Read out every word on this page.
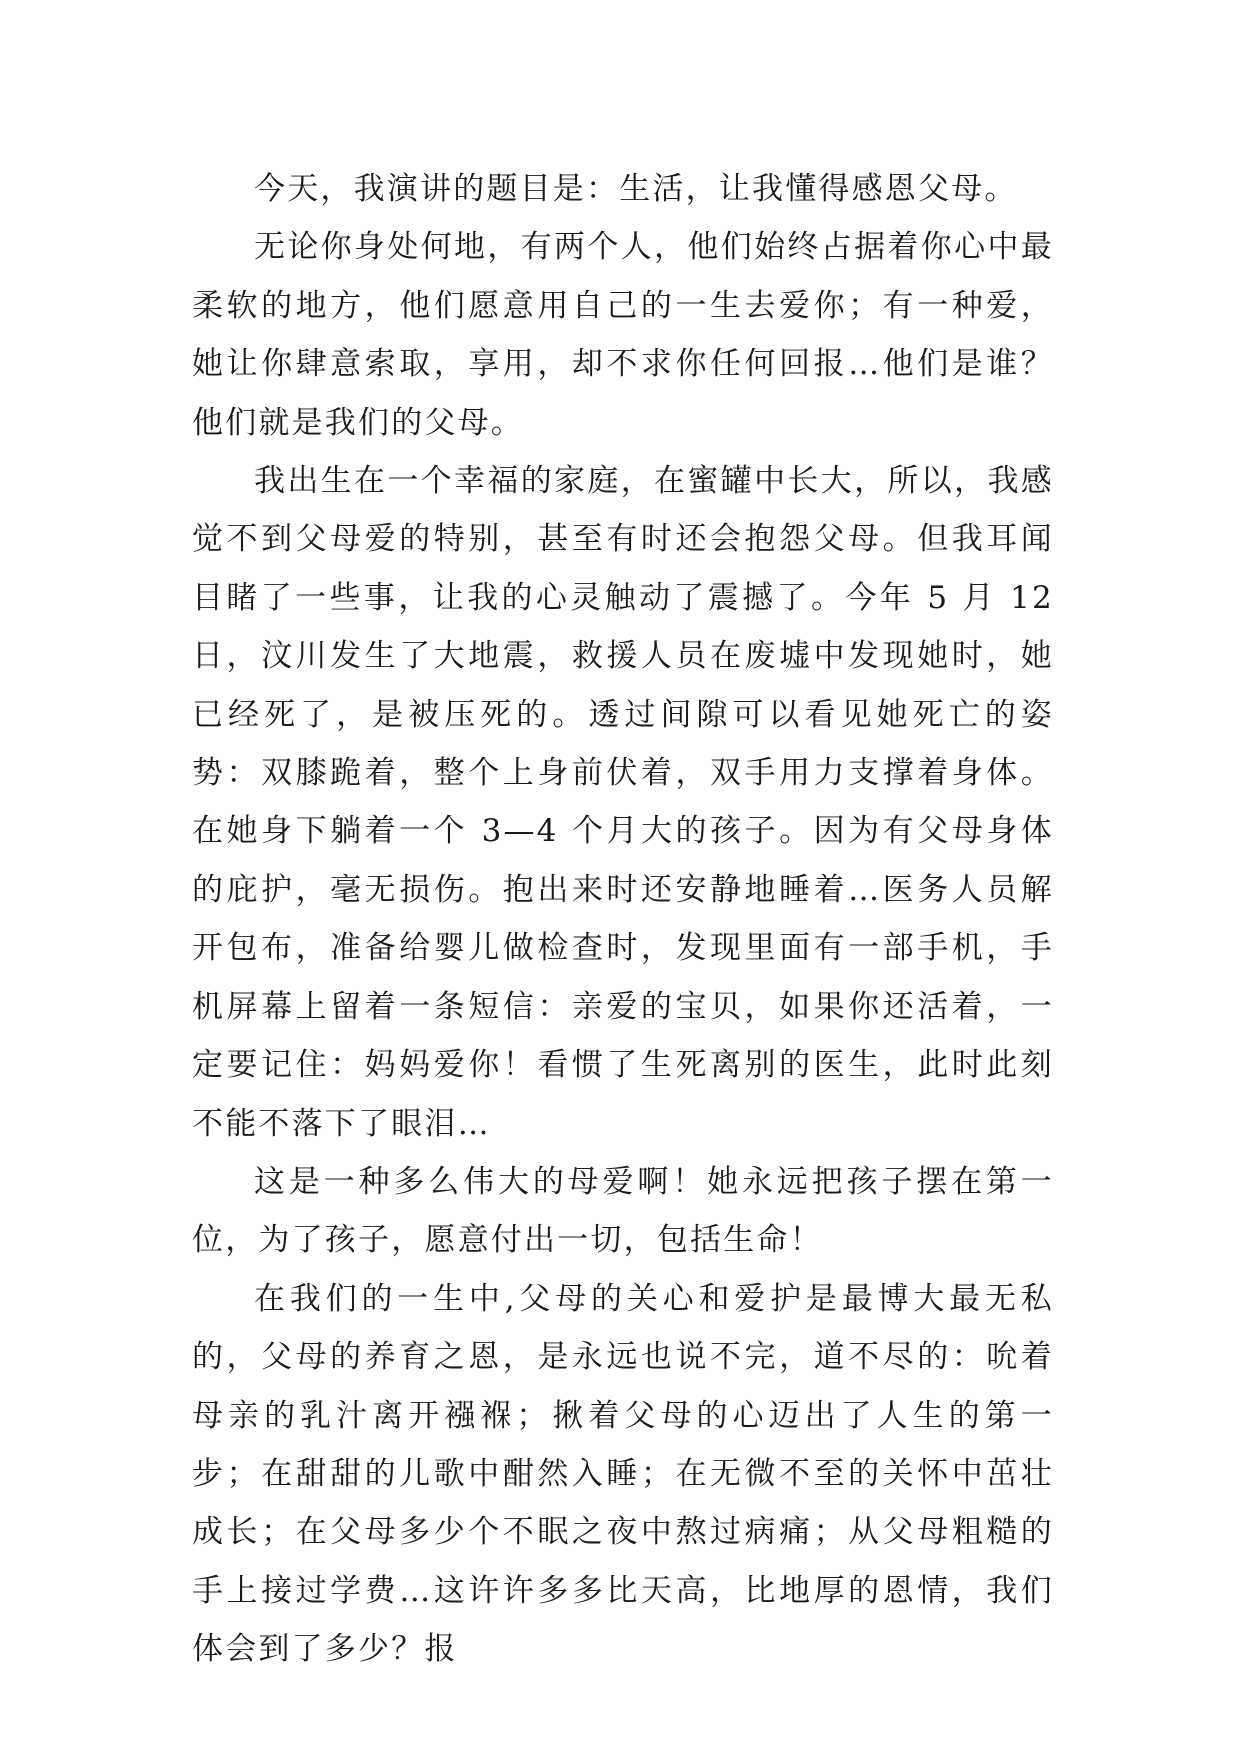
今天，我演讲的题目是：生活，让我懂得感恩父母。

无论你身处何地，有两个人，他们始终占据着你心中最柔软的地方，他们愿意用自己的一生去爱你；有一种爱，她让你肆意索取，享用，却不求你任何回报…他们是谁？他们就是我们的父母。

我出生在一个幸福的家庭，在蜜罐中长大，所以，我感觉不到父母爱的特别，甚至有时还会抱怨父母。但我耳闻目睹了一些事，让我的心灵触动了震撼了。今年 5 月 12 日，汶川发生了大地震，救援人员在废墟中发现她时，她已经死了，是被压死的。透过间隙可以看见她死亡的姿势：双膝跪着，整个上身前伏着，双手用力支撑着身体。在她身下躺着一个 3—4 个月大的孩子。因为有父母身体的庇护，毫无损伤。抱出来时还安静地睡着…医务人员解开包布，准备给婴儿做检查时，发现里面有一部手机，手机屏幕上留着一条短信：亲爱的宝贝，如果你还活着，一定要记住：妈妈爱你！看惯了生死离别的医生，此时此刻不能不落下了眼泪…

这是一种多么伟大的母爱啊！她永远把孩子摆在第一位，为了孩子，愿意付出一切，包括生命！

在我们的一生中,父母的关心和爱护是最博大最无私的，父母的养育之恩，是永远也说不完，道不尽的：吮着母亲的乳汁离开襁褓；揪着父母的心迈出了人生的第一步；在甜甜的儿歌中酣然入睡；在无微不至的关怀中茁壮成长；在父母多少个不眠之夜中熬过病痛；从父母粗糙的手上接过学费…这许许多多比天高，比地厚的恩情，我们体会到了多少？报
